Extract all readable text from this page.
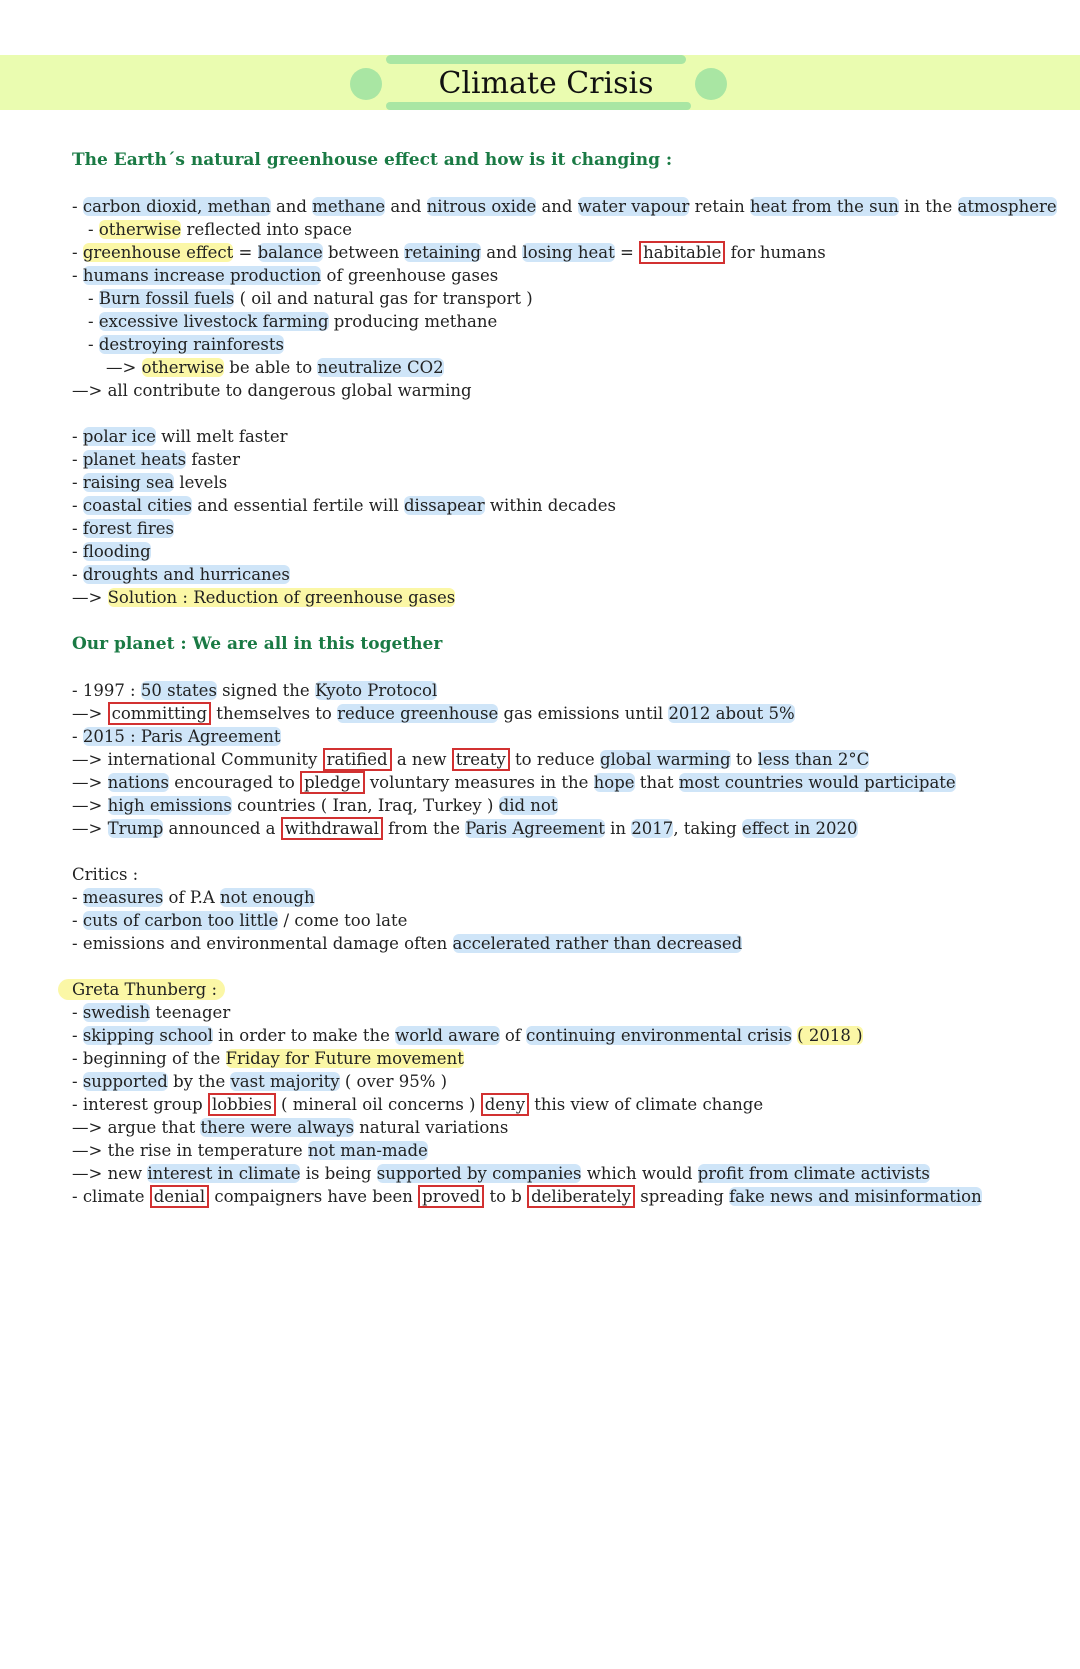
Climate Crisis
The Earth´s natural greenhouse effect and how is it changing :
- carbon dioxid, methan and methane and nitrous oxide and water vapour retain heat from the sun in the atmosphere
- otherwise reflected into space
- greenhouse effect = balance between retaining and losing heat = habitable for humans
- humans increase production of greenhouse gases
- Burn fossil fuels ( oil and natural gas for transport )
- excessive livestock farming producing methane
- destroying rainforests
—> otherwise be able to neutralize CO2
—> all contribute to dangerous global warming
- polar ice will melt faster
- planet heats faster
- raising sea levels
- coastal cities and essential fertile will dissapear within decades
- forest fires
- flooding
- droughts and hurricanes
—> Solution : Reduction of greenhouse gases
Our planet : We are all in this together
- 1997 : 50 states signed the Kyoto Protocol
—> committing themselves to reduce greenhouse gas emissions until 2012 about 5%
- 2015 : Paris Agreement
—> international Community ratified a new treaty to reduce global warming to less than 2°C
—> nations encouraged to pledge voluntary measures in the hope that most countries would participate
—> high emissions countries ( Iran, Iraq, Turkey ) did not
—> Trump announced a withdrawal from the Paris Agreement in 2017, taking effect in 2020
Critics :
- measures of P.A not enough
- cuts of carbon too little / come too late
- emissions and environmental damage often accelerated rather than decreased
Greta Thunberg :
- swedish teenager
- skipping school in order to make the world aware of continuing environmental crisis ( 2018 )
- beginning of the Friday for Future movement
- supported by the vast majority ( over 95% )
- interest group lobbies ( mineral oil concerns ) deny this view of climate change
—> argue that there were always natural variations
—> the rise in temperature not man-made
—> new interest in climate is being supported by companies which would profit from climate activists
- climate denial compaigners have been proved to b deliberately spreading fake news and misinformation
